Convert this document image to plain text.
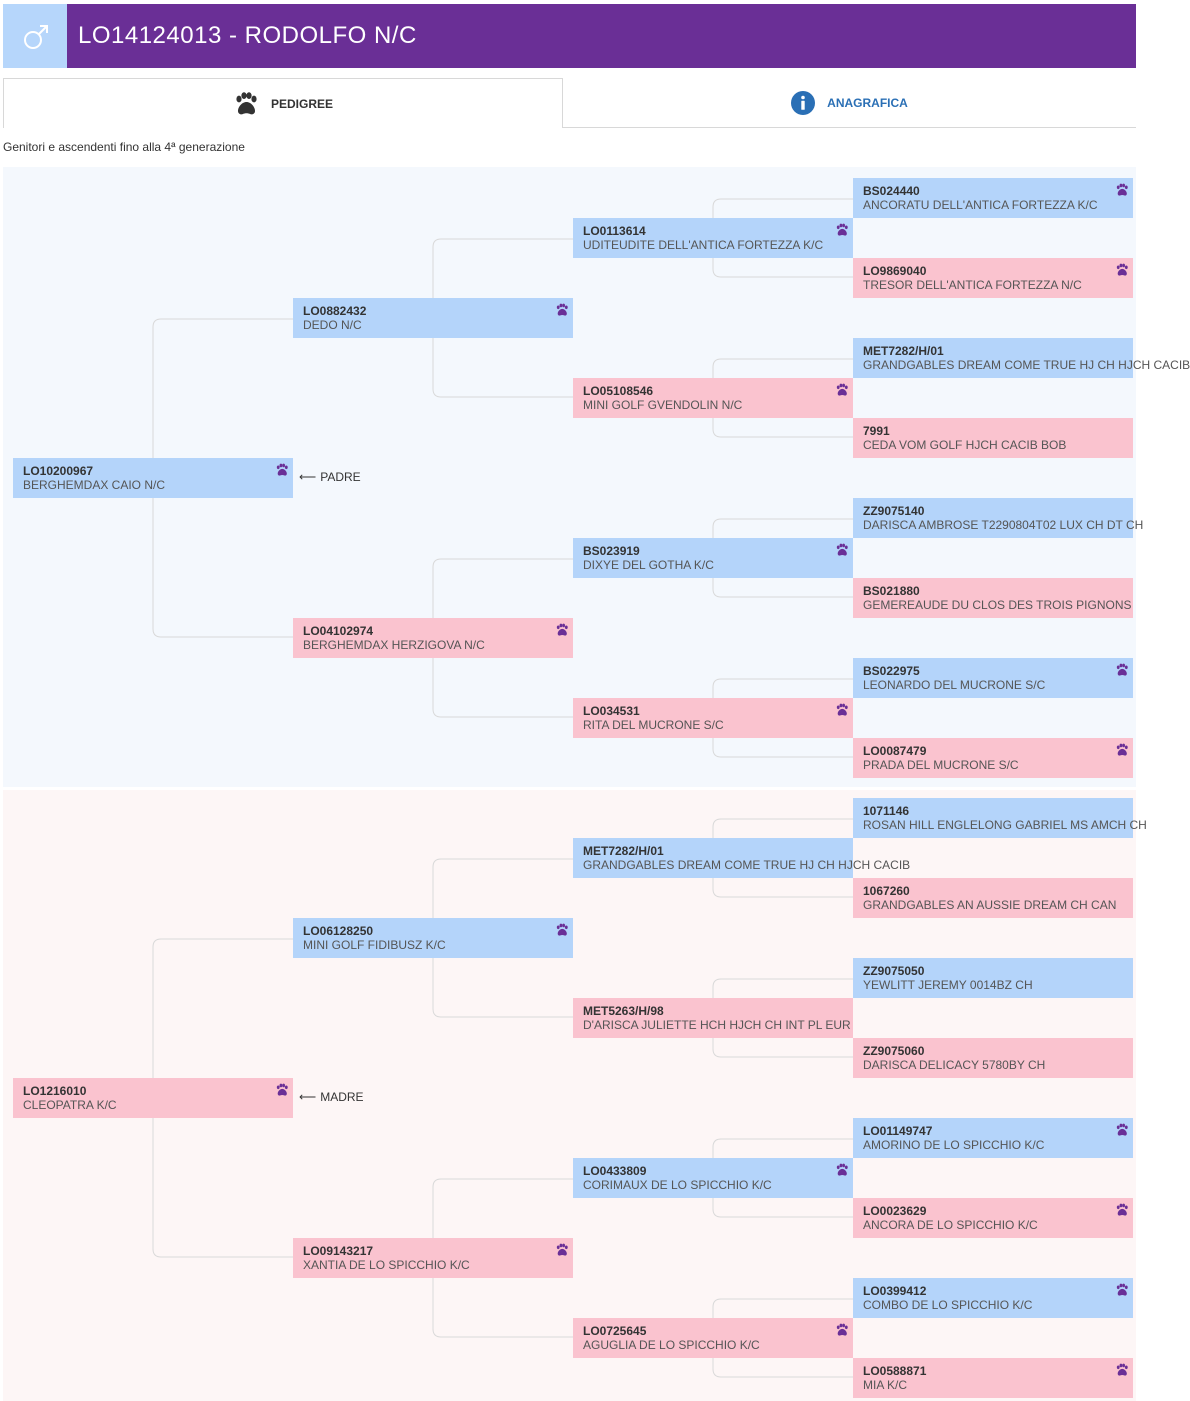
LO14124013 - RODOLFO N/C
PEDIGREE	ANAGRAFICA
Genitori e ascendenti fino alla 4ª generazione
LO10200967
BERGHEMDAX CAIO N/C
LO0882432
DEDO N/C
LO0113614
UDITEUDITE DELL'ANTICA FORTEZZA K/C
BS024440
ANCORATU DELL'ANTICA FORTEZZA K/C
LO9869040
TRESOR DELL'ANTICA FORTEZZA N/C
LO05108546
MINI GOLF GVENDOLIN N/C
MET7282/H/01
GRANDGABLES DREAM COME TRUE HJ CH HJCH CACIB
7991
CEDA VOM GOLF HJCH CACIB BOB
LO04102974
BERGHEMDAX HERZIGOVA N/C
BS023919
DIXYE DEL GOTHA K/C
ZZ9075140
DARISCA AMBROSE T2290804T02 LUX CH DT CH
BS021880
GEMEREAUDE DU CLOS DES TROIS PIGNONS
LO034531
RITA DEL MUCRONE S/C
BS022975
LEONARDO DEL MUCRONE S/C
LO0087479
PRADA DEL MUCRONE S/C
LO1216010
CLEOPATRA K/C
LO06128250
MINI GOLF FIDIBUSZ K/C
MET7282/H/01
GRANDGABLES DREAM COME TRUE HJ CH HJCH CACIB
1071146
ROSAN HILL ENGLELONG GABRIEL MS AMCH CH
1067260
GRANDGABLES AN AUSSIE DREAM CH CAN
MET5263/H/98
D'ARISCA JULIETTE HCH HJCH CH INT PL EUR
ZZ9075050
YEWLITT JEREMY 0014BZ CH
ZZ9075060
DARISCA DELICACY 5780BY CH
LO09143217
XANTIA DE LO SPICCHIO K/C
LO0433809
CORIMAUX DE LO SPICCHIO K/C
LO01149747
AMORINO DE LO SPICCHIO K/C
LO0023629
ANCORA DE LO SPICCHIO K/C
LO0725645
AGUGLIA DE LO SPICCHIO K/C
LO0399412
COMBO DE LO SPICCHIO K/C
LO0588871
MIA K/C
⟵ PADRE
⟵ MADRE
